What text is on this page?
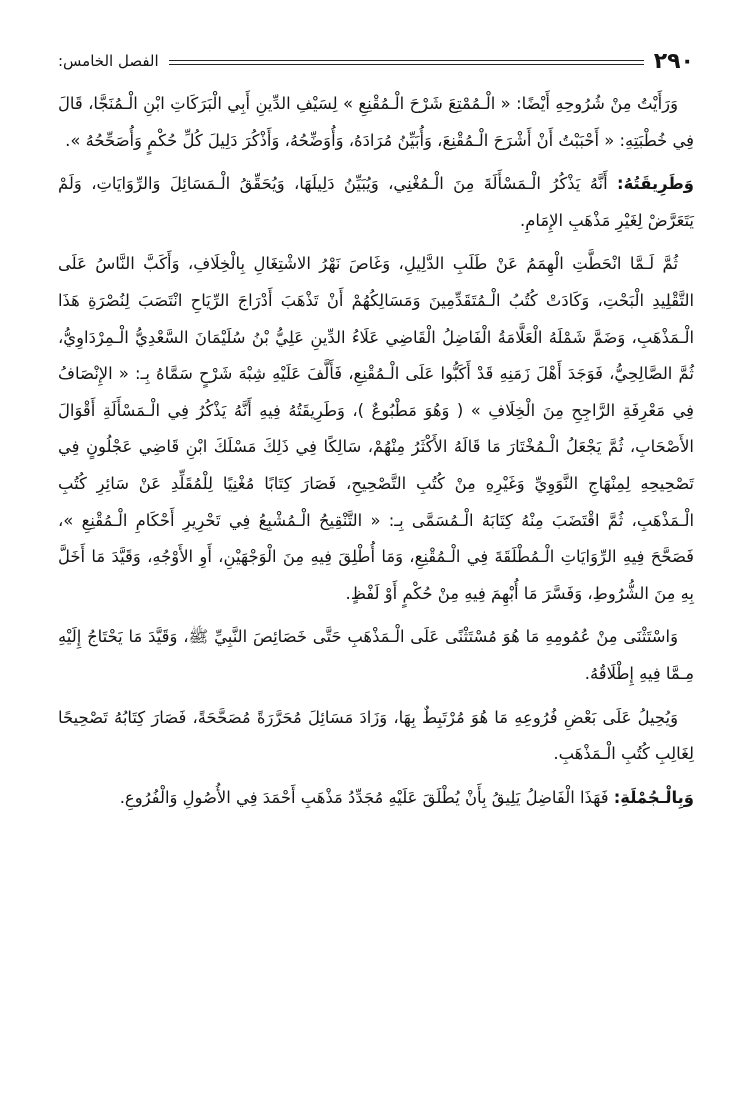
٢٩٠
الفصل الخامس:

وَرَأَيْتُ مِنْ شُرُوحِهِ أَيْضًا: « الْـمُمْتِعَ شَرْحَ الْـمُقْنِعِ » لِسَيْفِ الدِّينِ أَبِي الْبَرَكَاتِ ابْنِ الْـمُنَجَّا، قَالَ فِي خُطْبَتِهِ: « أَحْبَبْتُ أَنْ أَشْرَحَ الْـمُقْنِعَ، وَأُبَيِّنُ مُرَادَهُ، وَأُوَضِّحُهُ، وَأَذْكُرَ دَلِيلَ كُلِّ حُكْمٍ وَأُصَحِّحُهُ ».

وَطَرِيقَتُهُ: أَنَّهُ يَذْكُرُ الْـمَسْأَلَةَ مِنَ الْـمُغْنِي، وَيُبَيِّنُ دَلِيلَهَا، وَيُحَقِّقُ الْـمَسَائِلَ وَالرِّوَايَاتِ، وَلَمْ يَتَعَرَّضْ لِغَيْرِ مَذْهَبِ الإِمَامِ.

ثُمَّ لَـمَّا انْحَطَّتِ الْهِمَمُ عَنْ طَلَبِ الدَّلِيلِ، وَغَاصَ نَهْرُ الاشْتِغَالِ بِالْخِلَافِ، وَأَكَبَّ النَّاسُ عَلَى التَّقْلِيدِ الْبَحْتِ، وَكَادَتْ كُتُبُ الْـمُتَقَدِّمِينَ وَمَسَالِكُهُمْ أَنْ تَذْهَبَ أَدْرَاجَ الرِّيَاحِ انْتَصَبَ لِنُصْرَةِ هَذَا الْـمَذْهَبِ، وَضَمَّ شَمْلَهُ الْعَلَّامَةُ الْفَاضِلُ الْقَاضِي عَلَاءُ الدِّينِ عَلِيُّ بْنُ سُلَيْمَانَ السَّعْدِيُّ الْـمِرْدَاوِيُّ، ثُمَّ الصَّالِحِيُّ، فَوَجَدَ أَهْلَ زَمَنِهِ قَدْ أَكَبُّوا عَلَى الْـمُقْنِعِ، فَأَلَّفَ عَلَيْهِ شِبْهَ شَرْحٍ سَمَّاهُ بِـ: « الإِنْصَافُ فِي مَعْرِفَةِ الرَّاجِحِ مِنَ الْخِلَافِ » ( وَهُوَ مَطْبُوعٌ )، وَطَرِيقَتُهُ فِيهِ أَنَّهُ يَذْكُرُ فِي الْـمَسْأَلَةِ أَقْوَالَ الأَصْحَابِ، ثُمَّ يَجْعَلُ الْـمُخْتَارَ مَا قَالَهُ الأَكْثَرُ مِنْهُمْ، سَالِكًا فِي ذَلِكَ مَسْلَكَ ابْنِ قَاضِي عَجْلُونٍ فِي تَصْحِيحِهِ لِمِنْهَاجِ النَّوَوِيِّ وَغَيْرِهِ مِنْ كُتُبِ التَّصْحِيحِ، فَصَارَ كِتَابًا مُغْنِيًا لِلْمُقَلِّدِ عَنْ سَائِرِ كُتُبِ الْـمَذْهَبِ، ثُمَّ اقْتَضَبَ مِنْهُ كِتَابَهُ الْـمُسَمَّى بِـ: « التَّنْقِيحُ الْـمُشْبِعُ فِي تَحْرِيرِ أَحْكَامِ الْـمُقْنِعِ »، فَصَحَّحَ فِيهِ الرِّوَايَاتِ الْـمُطْلَقَةَ فِي الْـمُقْنِعِ، وَمَا أُطْلِقَ فِيهِ مِنَ الْوَجْهَيْنِ، أَوِ الأَوْجُهِ، وَقَيَّدَ مَا أَخَلَّ بِهِ مِنَ الشُّرُوطِ، وَفَسَّرَ مَا أُبْهِمَ فِيهِ مِنْ حُكْمٍ أَوْ لَفْظٍ.

وَاسْتَثْنَى مِنْ عُمُومِهِ مَا هُوَ مُسْتَثْنًى عَلَى الْـمَذْهَبِ حَتَّى خَصَائِصَ النَّبِيِّ ﷺ، وَقَيَّدَ مَا يَحْتَاجُ إِلَيْهِ مِـمَّا فِيهِ إِطْلَاقُهُ.

وَيُحِيلُ عَلَى بَعْضِ فُرُوعِهِ مَا هُوَ مُرْتَبِطٌ بِهَا، وَزَادَ مَسَائِلَ مُحَرَّرَةً مُصَحَّحَةً، فَصَارَ كِتَابُهُ تَصْحِيحًا لِغَالِبِ كُتُبِ الْـمَذْهَبِ.

وَبِالْـجُمْلَةِ: فَهَذَا الْفَاضِلُ يَلِيقُ بِأَنْ يُطْلَقَ عَلَيْهِ مُجَدِّدُ مَذْهَبِ أَحْمَدَ فِي الأُصُولِ وَالْفُرُوعِ.
